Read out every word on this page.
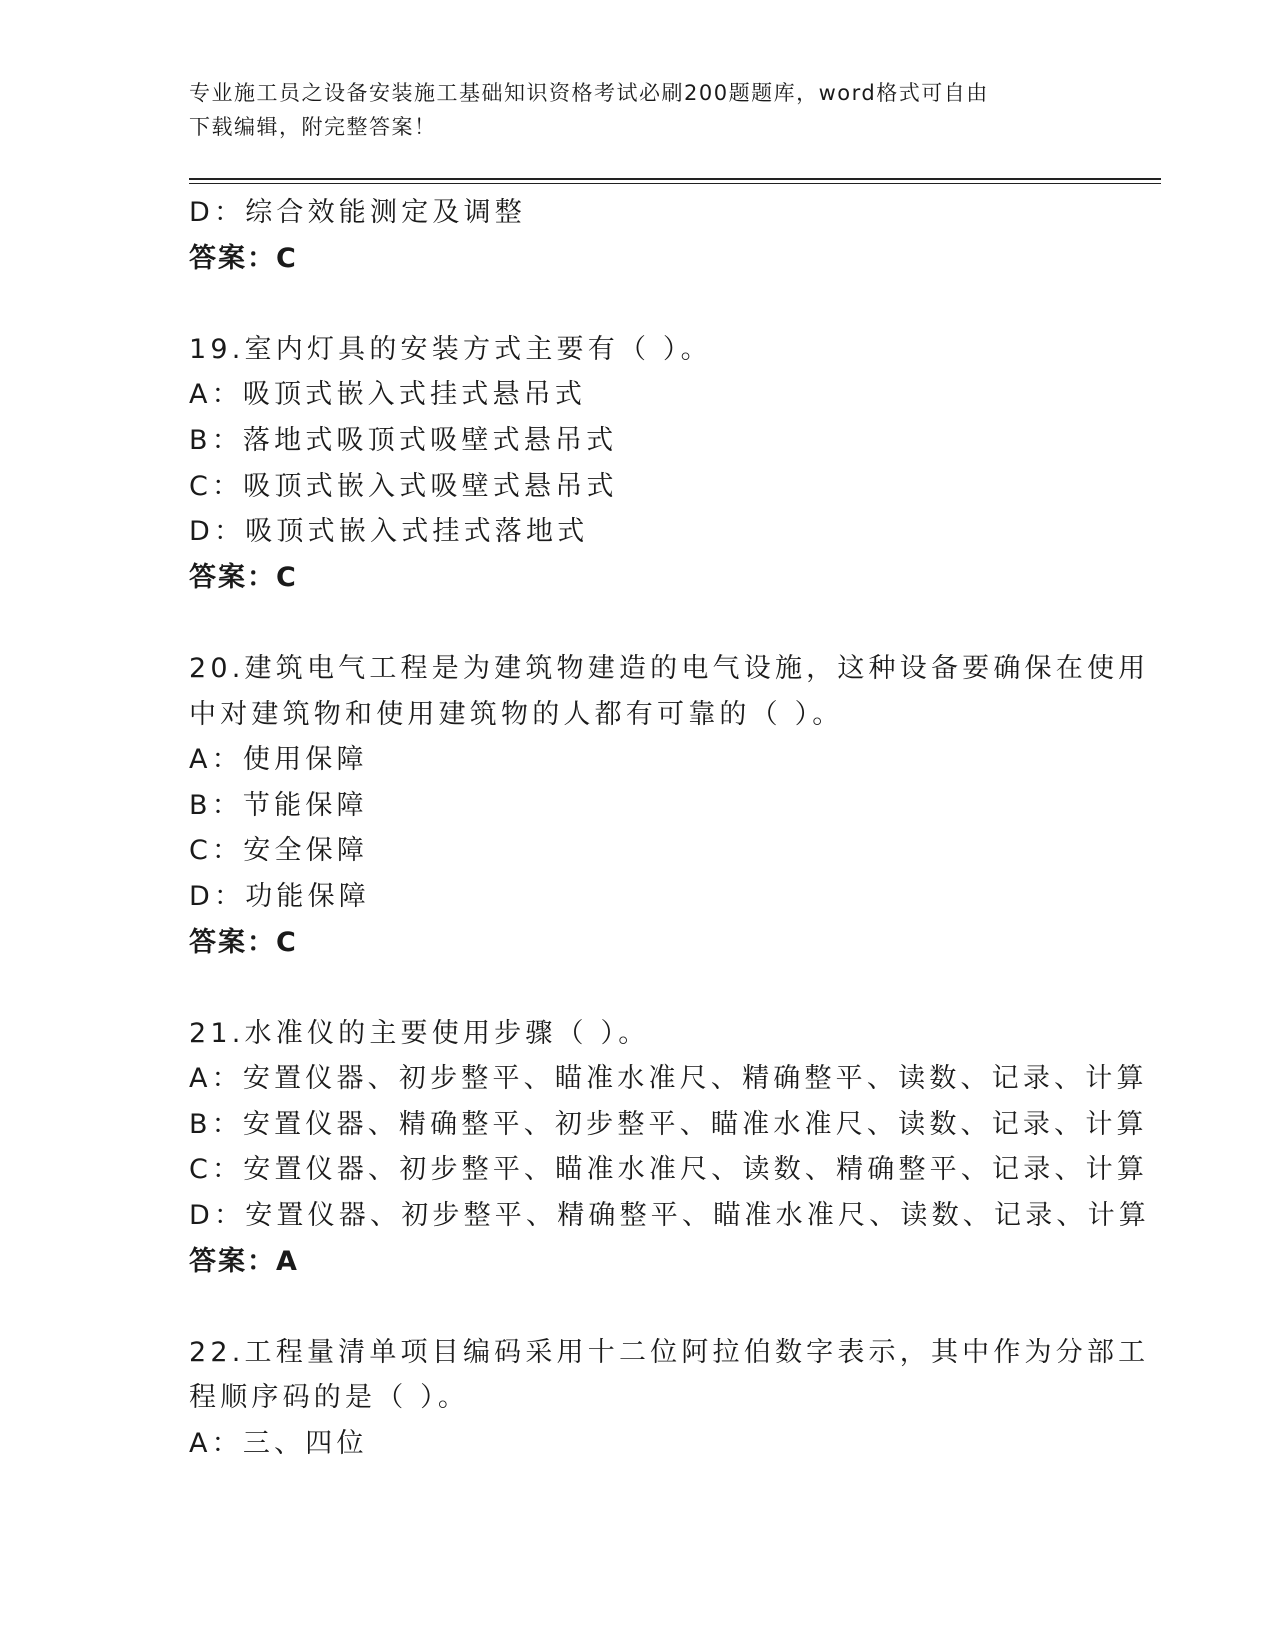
专业施工员之设备安装施工基础知识资格考试必刷200题题库，word格式可自由
下载编辑，附完整答案！
D：综合效能测定及调整
答案：C
19.室内灯具的安装方式主要有（ ）。
A：吸顶式嵌入式挂式悬吊式
B：落地式吸顶式吸壁式悬吊式
C：吸顶式嵌入式吸壁式悬吊式
D：吸顶式嵌入式挂式落地式
答案：C
20.建筑电气工程是为建筑物建造的电气设施，这种设备要确保在使用
中对建筑物和使用建筑物的人都有可靠的（ ）。
A：使用保障
B：节能保障
C：安全保障
D：功能保障
答案：C
21.水准仪的主要使用步骤（ ）。
A：安置仪器、初步整平、瞄准水准尺、精确整平、读数、记录、计算
B：安置仪器、精确整平、初步整平、瞄准水准尺、读数、记录、计算
C：安置仪器、初步整平、瞄准水准尺、读数、精确整平、记录、计算
D：安置仪器、初步整平、精确整平、瞄准水准尺、读数、记录、计算
答案：A
22.工程量清单项目编码采用十二位阿拉伯数字表示，其中作为分部工
程顺序码的是（ ）。
A：三、四位
